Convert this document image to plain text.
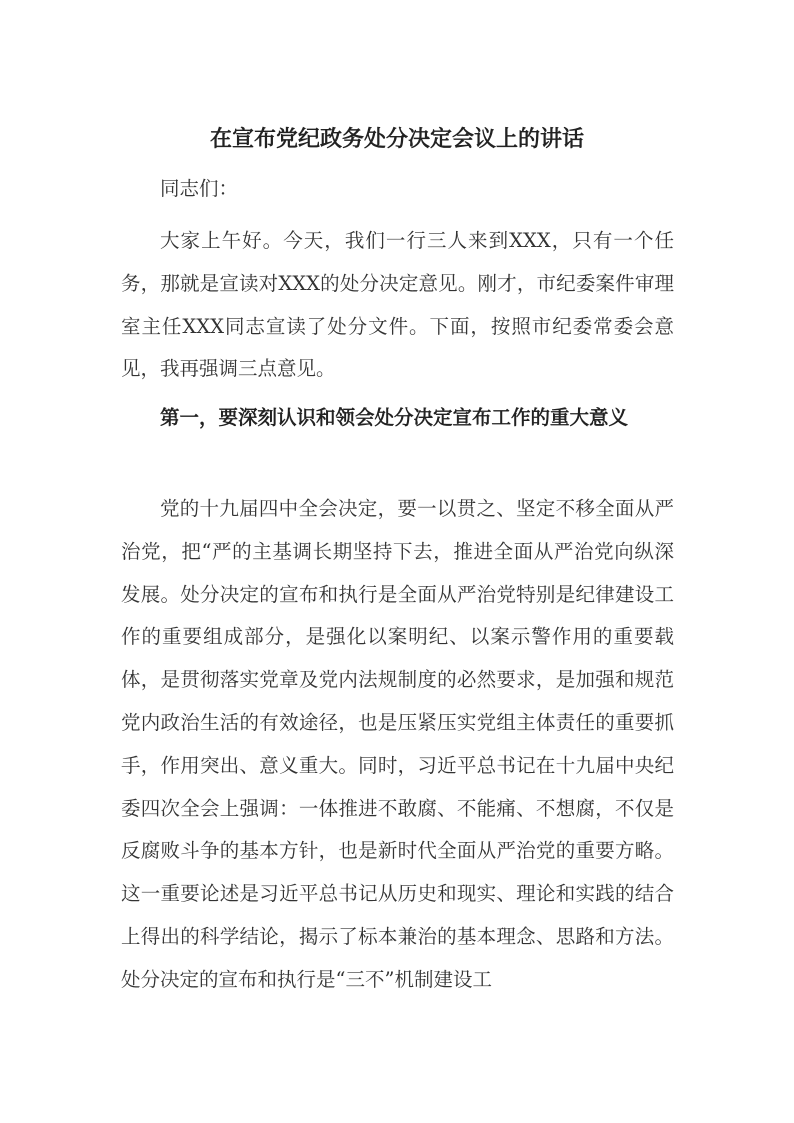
在宣布党纪政务处分决定会议上的讲话

同志们：

大家上午好。今天，我们一行三人来到XXX，只有一个任务，那就是宣读对XXX的处分决定意见。刚才，市纪委案件审理室主任XXX同志宣读了处分文件。下面，按照市纪委常委会意见，我再强调三点意见。

第一，要深刻认识和领会处分决定宣布工作的重大意义

党的十九届四中全会决定，要一以贯之、坚定不移全面从严治党，把“严的主基调长期坚持下去，推进全面从严治党向纵深发展。处分决定的宣布和执行是全面从严治党特别是纪律建设工作的重要组成部分，是强化以案明纪、以案示警作用的重要载体，是贯彻落实党章及党内法规制度的必然要求，是加强和规范党内政治生活的有效途径，也是压紧压实党组主体责任的重要抓手，作用突出、意义重大。同时，习近平总书记在十九届中央纪委四次全会上强调：一体推进不敢腐、不能痛、不想腐，不仅是反腐败斗争的基本方针，也是新时代全面从严治党的重要方略。这一重要论述是习近平总书记从历史和现实、理论和实践的结合上得出的科学结论，揭示了标本兼治的基本理念、思路和方法。处分决定的宣布和执行是“三不”机制建设工
